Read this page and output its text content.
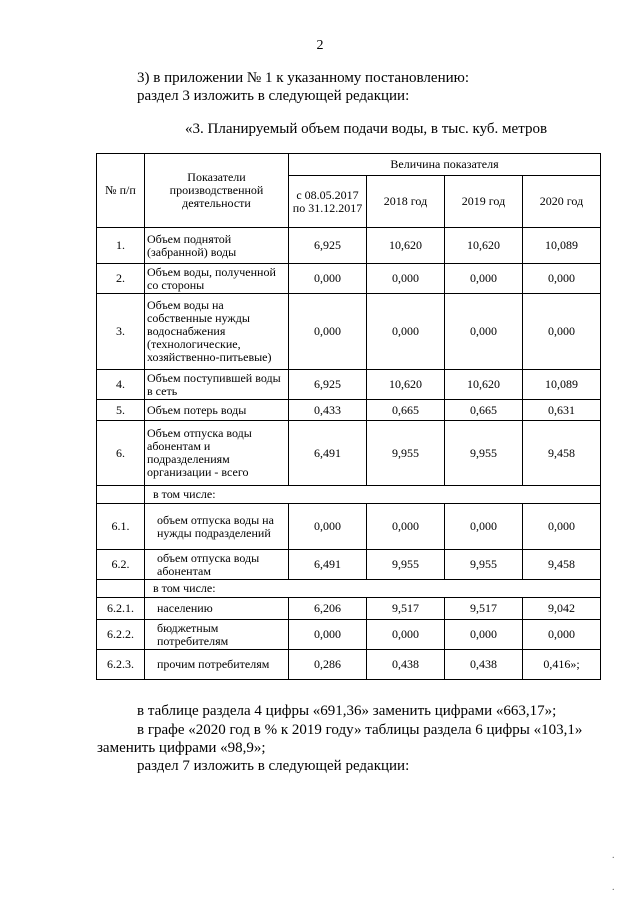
2
3) в приложении № 1 к указанному постановлению:
раздел 3 изложить в следующей редакции:
«3. Планируемый объем подачи воды, в тыс. куб. метров
№ п/п	Показатели производственной деятельности	Величина показателя			
		с 08.05.2017 по 31.12.2017	2018 год	2019 год	2020 год
1.	Объем поднятой (забранной) воды	6,925	10,620	10,620	10,089
2.	Объем воды, полученной со стороны	0,000	0,000	0,000	0,000
3.	Объем воды на собственные нужды водоснабжения (технологические, хозяйственно-питьевые)	0,000	0,000	0,000	0,000
4.	Объем поступившей воды в сеть	6,925	10,620	10,620	10,089
5.	Объем потерь воды	0,433	0,665	0,665	0,631
6.	Объем отпуска воды абонентам и подразделениям организации - всего	6,491	9,955	9,955	9,458
	в том числе:				
6.1.	объем отпуска воды на нужды подразделений	0,000	0,000	0,000	0,000
6.2.	объем отпуска воды абонентам	6,491	9,955	9,955	9,458
	в том числе:				
6.2.1.	населению	6,206	9,517	9,517	9,042
6.2.2.	бюджетным потребителям	0,000	0,000	0,000	0,000
6.2.3.	прочим потребителям	0,286	0,438	0,438	0,416»;
в таблице раздела 4 цифры «691,36» заменить цифрами «663,17»;
в графе «2020 год в % к 2019 году» таблицы раздела 6 цифры «103,1»
заменить цифрами «98,9»;
раздел 7 изложить в следующей редакции:
.
.
